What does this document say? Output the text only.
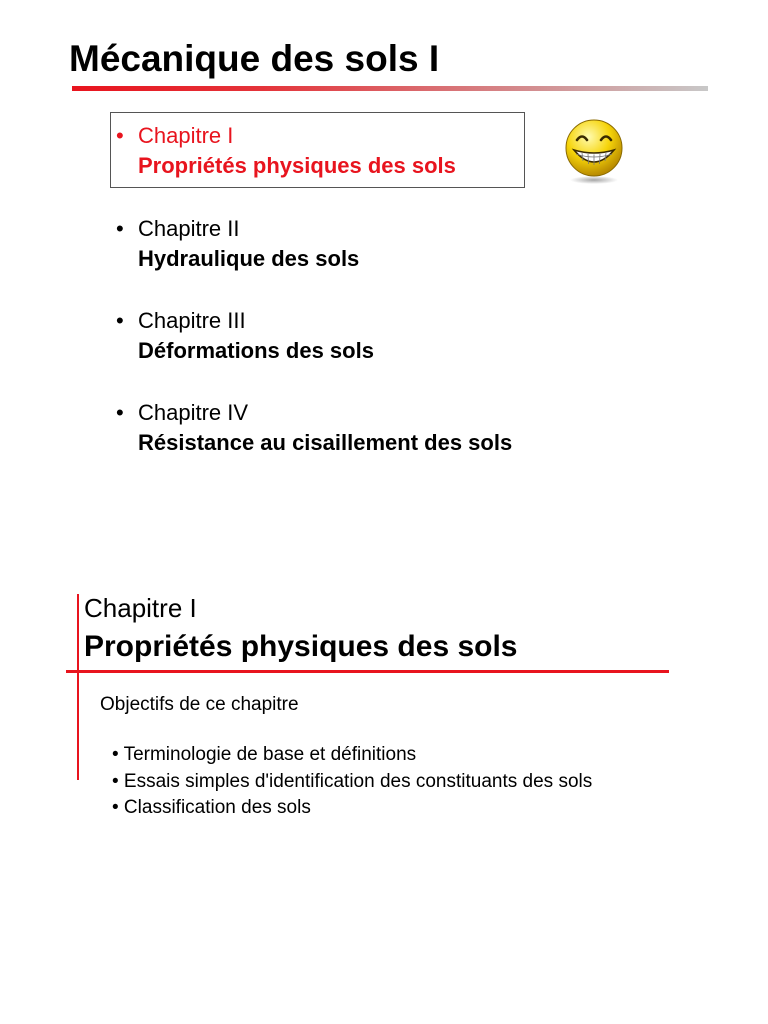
Mécanique des sols I
• Chapitre I
Propriétés physiques des sols
• Chapitre II
Hydraulique des sols
• Chapitre III
Déformations des sols
• Chapitre IV
Résistance au cisaillement des sols
Chapitre I
Propriétés physiques des sols
Objectifs de ce chapitre
• Terminologie de base et définitions
• Essais simples d'identification des constituants des sols
• Classification des sols
